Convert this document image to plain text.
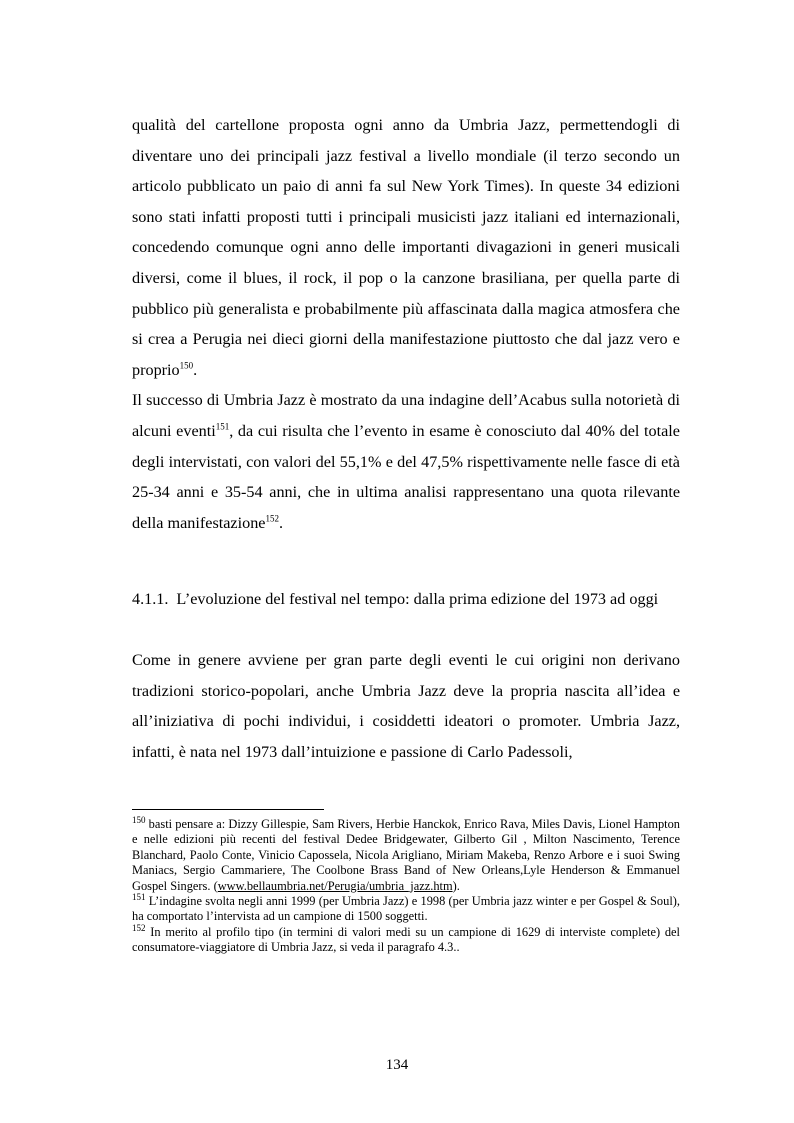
qualità del cartellone proposta ogni anno da Umbria Jazz, permettendogli di diventare uno dei principali jazz festival a livello mondiale (il terzo secondo un articolo pubblicato un paio di anni fa sul New York Times). In queste 34 edizioni sono stati infatti proposti tutti i principali musicisti jazz italiani ed internazionali, concedendo comunque ogni anno delle importanti divagazioni in generi musicali diversi, come il blues, il rock, il pop o la canzone brasiliana, per quella parte di pubblico più generalista e probabilmente più affascinata dalla magica atmosfera che si crea a Perugia nei dieci giorni della manifestazione piuttosto che dal jazz vero e proprio$^{150}$.

Il successo di Umbria Jazz è mostrato da una indagine dell’Acabus sulla notorietà di alcuni eventi$^{151}$, da cui risulta che l’evento in esame è conosciuto dal 40% del totale degli intervistati, con valori del 55,1% e del 47,5% rispettivamente nelle fasce di età 25-34 anni e 35-54 anni, che in ultima analisi rappresentano una quota rilevante della manifestazione$^{152}$.

4.1.1. L’evoluzione del festival nel tempo: dalla prima edizione del 1973 ad oggi

Come in genere avviene per gran parte degli eventi le cui origini non derivano tradizioni storico-popolari, anche Umbria Jazz deve la propria nascita all’idea e all’iniziativa di pochi individui, i cosiddetti ideatori o promoter. Umbria Jazz, infatti, è nata nel 1973 dall’intuizione e passione di Carlo Padessoli,

$^{150}$ basti pensare a: Dizzy Gillespie, Sam Rivers, Herbie Hanckok, Enrico Rava, Miles Davis, Lionel Hampton e nelle edizioni più recenti del festival Dedee Bridgewater, Gilberto Gil , Milton Nascimento, Terence Blanchard, Paolo Conte, Vinicio Capossela, Nicola Arigliano, Miriam Makeba, Renzo Arbore e i suoi Swing Maniacs, Sergio Cammariere, The Coolbone Brass Band of New Orleans,Lyle Henderson & Emmanuel Gospel Singers. (www.bellaumbria.net/Perugia/umbria_jazz.htm).

$^{151}$ L’indagine svolta negli anni 1999 (per Umbria Jazz) e 1998 (per Umbria jazz winter e per Gospel & Soul), ha comportato l’intervista ad un campione di 1500 soggetti.

$^{152}$ In merito al profilo tipo (in termini di valori medi su un campione di 1629 di interviste complete) del consumatore-viaggiatore di Umbria Jazz, si veda il paragrafo 4.3..

134
